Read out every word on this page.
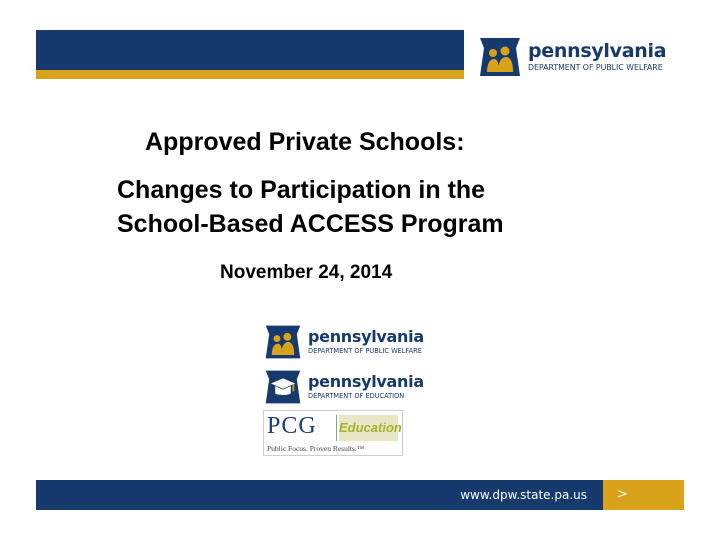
pennsylvania
DEPARTMENT OF PUBLIC WELFARE
Approved Private Schools:
Changes to Participation in the
School-Based ACCESS Program
November 24, 2014
pennsylvania
DEPARTMENT OF PUBLIC WELFARE
pennsylvania
DEPARTMENT OF EDUCATION
PCG Education
Public Focus. Proven Results.™
www.dpw.state.pa.us >
